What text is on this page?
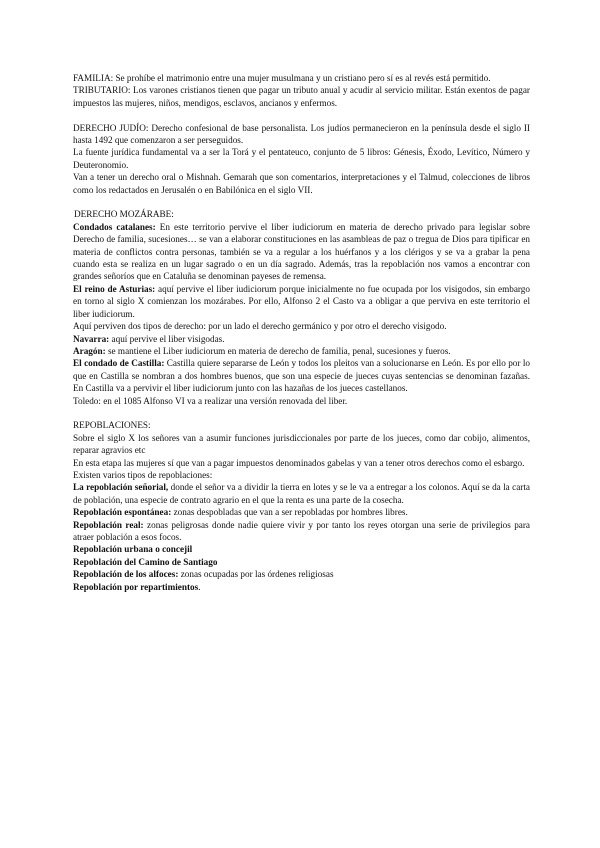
FAMILIA: Se prohíbe el matrimonio entre una mujer musulmana y un cristiano pero sí es al revés está permitido.

TRIBUTARIO: Los varones cristianos tienen que pagar un tributo anual y acudir al servicio militar. Están exentos de pagar impuestos las mujeres, niños, mendigos, esclavos, ancianos y enfermos.

DERECHO JUDÍO: Derecho confesional de base personalista. Los judíos permanecieron en la península desde el siglo II hasta 1492 que comenzaron a ser perseguidos.

La fuente jurídica fundamental va a ser la Torá y el pentateuco, conjunto de 5 libros: Génesis, Éxodo, Levítico, Número y Deuteronomio.

Van a tener un derecho oral o Mishnah. Gemarah que son comentarios, interpretaciones y el Talmud, colecciones de libros como los redactados en Jerusalén o en Babilónica en el siglo VII.

DERECHO MOZÁRABE:

Condados catalanes: En este territorio pervive el liber iudiciorum en materia de derecho privado para legislar sobre Derecho de familia, sucesiones… se van a elaborar constituciones en las asambleas de paz o tregua de Dios para tipificar en materia de conflictos contra personas, también se va a regular a los huérfanos y a los clérigos y se va a grabar la pena cuando esta se realiza en un lugar sagrado o en un día sagrado. Además, tras la repoblación nos vamos a encontrar con grandes señoríos que en Cataluña se denominan payeses de remensa.

El reino de Asturias: aquí pervive el liber iudiciorum porque inicialmente no fue ocupada por los visigodos, sin embargo en torno al siglo X comienzan los mozárabes. Por ello, Alfonso 2 el Casto va a obligar a que perviva en este territorio el liber iudiciorum.

Aquí perviven dos tipos de derecho: por un lado el derecho germánico y por otro el derecho visigodo.

Navarra: aquí pervive el liber visigodas.

Aragón: se mantiene el Liber iudiciorum en materia de derecho de familia, penal, sucesiones y fueros.

El condado de Castilla: Castilla quiere separarse de León y todos los pleitos van a solucionarse en León. Es por ello por lo que en Castilla se nombran a dos hombres buenos, que son una especie de jueces cuyas sentencias se denominan fazañas. En Castilla va a pervivir el liber iudiciorum junto con las hazañas de los jueces castellanos.

Toledo: en el 1085 Alfonso VI va a realizar una versión renovada del liber.

REPOBLACIONES:

Sobre el siglo X los señores van a asumir funciones jurisdiccionales por parte de los jueces, como dar cobijo, alimentos, reparar agravios etc

En esta etapa las mujeres sí que van a pagar impuestos denominados gabelas y van a tener otros derechos como el esbargo.

Existen varios tipos de repoblaciones:

La repoblación señorial, donde el señor va a dividir la tierra en lotes y se le va a entregar a los colonos. Aquí se da la carta de población, una especie de contrato agrario en el que la renta es una parte de la cosecha.

Repoblación espontánea: zonas despobladas que van a ser repobladas por hombres libres.

Repoblación real: zonas peligrosas donde nadie quiere vivir y por tanto los reyes otorgan una serie de privilegios para atraer población a esos focos.

Repoblación urbana o concejil

Repoblación del Camino de Santiago

Repoblación de los alfoces: zonas ocupadas por las órdenes religiosas

Repoblación por repartimientos.
